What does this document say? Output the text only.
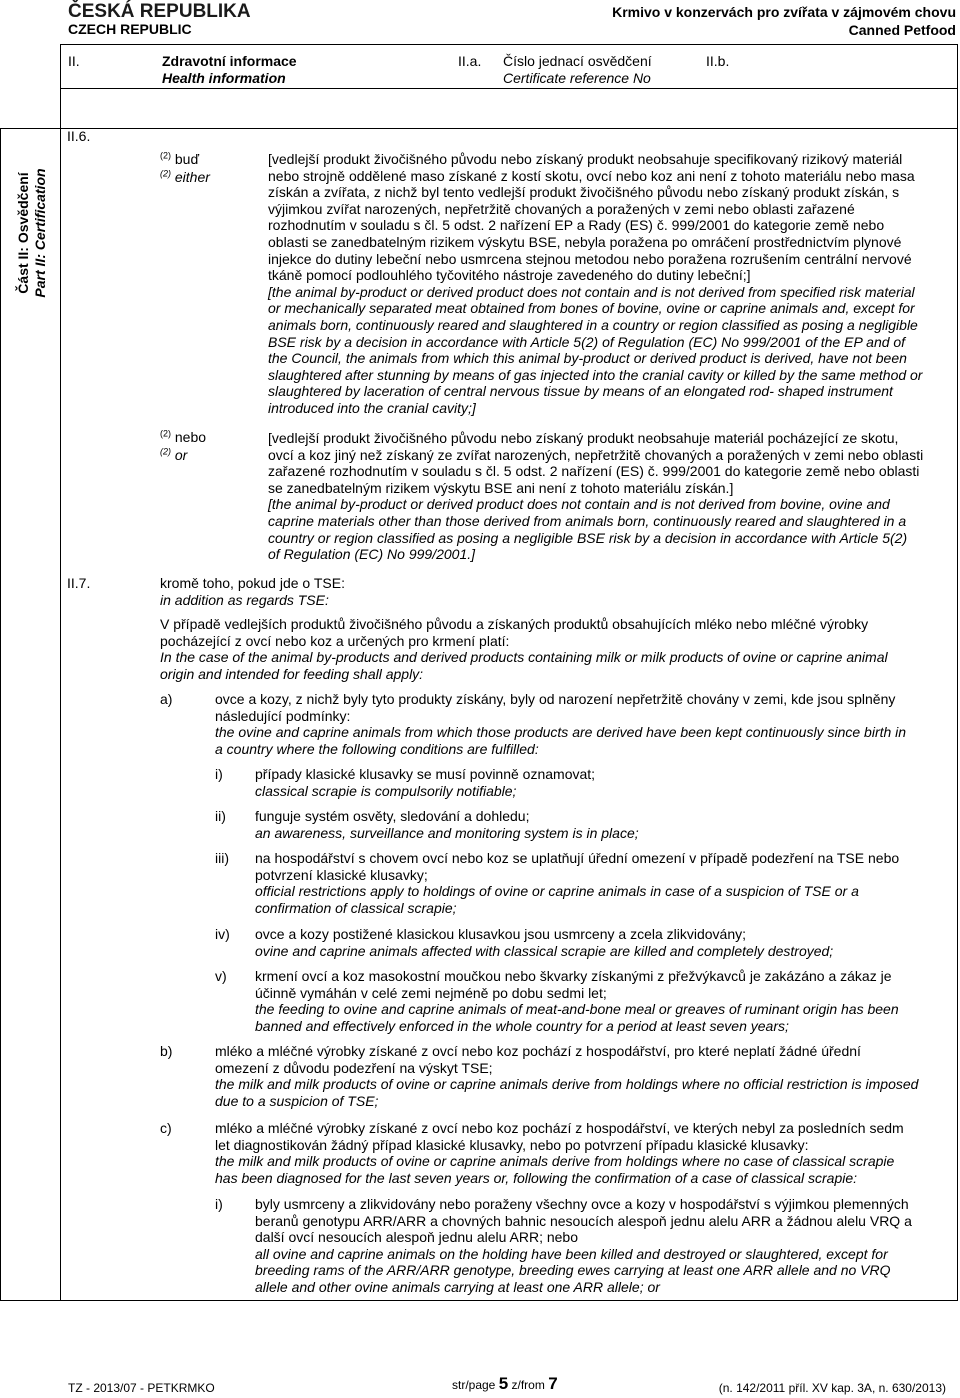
ČESKÁ REPUBLIKA
CZECH REPUBLIC
Krmivo v konzervách pro zvířata v zájmovém chovu
Canned Petfood
II.	Zdravotní informace
Health information
II.a. Číslo jednací osvědčení
Certificate reference No
II.b.
Část II: Osvědčení Part II: Certification
II.6.
$^{(2)}$ buď
$^{(2)}$ either
[vedlejší produkt živočišného původu nebo získaný produkt neobsahuje specifikovaný rizikový materiál
nebo strojně oddělené maso získané z kostí skotu, ovcí nebo koz ani není z tohoto materiálu nebo masa
získán a zvířata, z nichž byl tento vedlejší produkt živočišného původu nebo získaný produkt získán, s
výjimkou zvířat narozených, nepřetržitě chovaných a poražených v zemi nebo oblasti zařazené
rozhodnutím v souladu s čl. 5 odst. 2 nařízení EP a Rady (ES) č. 999/2001 do kategorie země nebo
oblasti se zanedbatelným rizikem výskytu BSE, nebyla poražena po omráčení prostřednictvím plynové
injekce do dutiny lebeční nebo usmrcena stejnou metodou nebo poražena rozrušením centrální nervové
tkáně pomocí podlouhlého tyčovitého nástroje zavedeného do dutiny lebeční;]
[the animal by-product or derived product does not contain and is not derived from specified risk material
or mechanically separated meat obtained from bones of bovine, ovine or caprine animals and, except for
animals born, continuously reared and slaughtered in a country or region classified as posing a negligible
BSE risk by a decision in accordance with Article 5(2) of Regulation (EC) No 999/2001 of the EP and of
the Council, the animals from which this animal by-product or derived product is derived, have not been
slaughtered after stunning by means of gas injected into the cranial cavity or killed by the same method or
slaughtered by laceration of central nervous tissue by means of an elongated rod- shaped instrument
introduced into the cranial cavity;]
$^{(2)}$ nebo
$^{(2)}$ or
[vedlejší produkt živočišného původu nebo získaný produkt neobsahuje materiál pocházející ze skotu,
ovcí a koz jiný než získaný ze zvířat narozených, nepřetržitě chovaných a poražených v zemi nebo oblasti
zařazené rozhodnutím v souladu s čl. 5 odst. 2 nařízení (ES) č. 999/2001 do kategorie země nebo oblasti
se zanedbatelným rizikem výskytu BSE ani není z tohoto materiálu získán.]
[the animal by-product or derived product does not contain and is not derived from bovine, ovine and
caprine materials other than those derived from animals born, continuously reared and slaughtered in a
country or region classified as posing a negligible BSE risk by a decision in accordance with Article 5(2)
of Regulation (EC) No 999/2001.]
II.7.	kromě toho, pokud jde o TSE:
in addition as regards TSE:
V případě vedlejších produktů živočišného původu a získaných produktů obsahujících mléko nebo mléčné výrobky
pocházející z ovcí nebo koz a určených pro krmení platí:
In the case of the animal by-products and derived products containing milk or milk products of ovine or caprine animal
origin and intended for feeding shall apply:
a)	ovce a kozy, z nichž byly tyto produkty získány, byly od narození nepřetržitě chovány v zemi, kde jsou splněny
následující podmínky:
the ovine and caprine animals from which those products are derived have been kept continuously since birth in
a country where the following conditions are fulfilled:
i) případy klasické klusavky se musí povinně oznamovat;
classical scrapie is compulsorily notifiable;
ii) funguje systém osvěty, sledování a dohledu;
an awareness, surveillance and monitoring system is in place;
iii) na hospodářství s chovem ovcí nebo koz se uplatňují úřední omezení v případě podezření na TSE nebo
potvrzení klasické klusavky;
official restrictions apply to holdings of ovine or caprine animals in case of a suspicion of TSE or a
confirmation of classical scrapie;
iv) ovce a kozy postižené klasickou klusavkou jsou usmrceny a zcela zlikvidovány;
ovine and caprine animals affected with classical scrapie are killed and completely destroyed;
v) krmení ovcí a koz masokostní moučkou nebo škvarky získanými z přežvýkavců je zakázáno a zákaz je
účinně vymáhán v celé zemi nejméně po dobu sedmi let;
the feeding to ovine and caprine animals of meat-and-bone meal or greaves of ruminant origin has been
banned and effectively enforced in the whole country for a period at least seven years;
b)	mléko a mléčné výrobky získané z ovcí nebo koz pochází z hospodářství, pro které neplatí žádné úřední
omezení z důvodu podezření na výskyt TSE;
the milk and milk products of ovine or caprine animals derive from holdings where no official restriction is imposed
due to a suspicion of TSE;
c)	mléko a mléčné výrobky získané z ovcí nebo koz pochází z hospodářství, ve kterých nebyl za posledních sedm
let diagnostikován žádný případ klasické klusavky, nebo po potvrzení případu klasické klusavky:
the milk and milk products of ovine or caprine animals derive from holdings where no case of classical scrapie
has been diagnosed for the last seven years or, following the confirmation of a case of classical scrapie:
i) byly usmrceny a zlikvidovány nebo poraženy všechny ovce a kozy v hospodářství s výjimkou plemenných
beranů genotypu ARR/ARR a chovných bahnic nesoucích alespoň jednu alelu ARR a žádnou alelu VRQ a
další ovcí nesoucích alespoň jednu alelu ARR; nebo
all ovine and caprine animals on the holding have been killed and destroyed or slaughtered, except for
breeding rams of the ARR/ARR genotype, breeding ewes carrying at least one ARR allele and no VRQ
allele and other ovine animals carrying at least one ARR allele; or
TZ - 2013/07 - PETKRMKO	str/page 5 z/from 7	(n. 142/2011 příl. XV kap. 3A, n. 630/2013)
